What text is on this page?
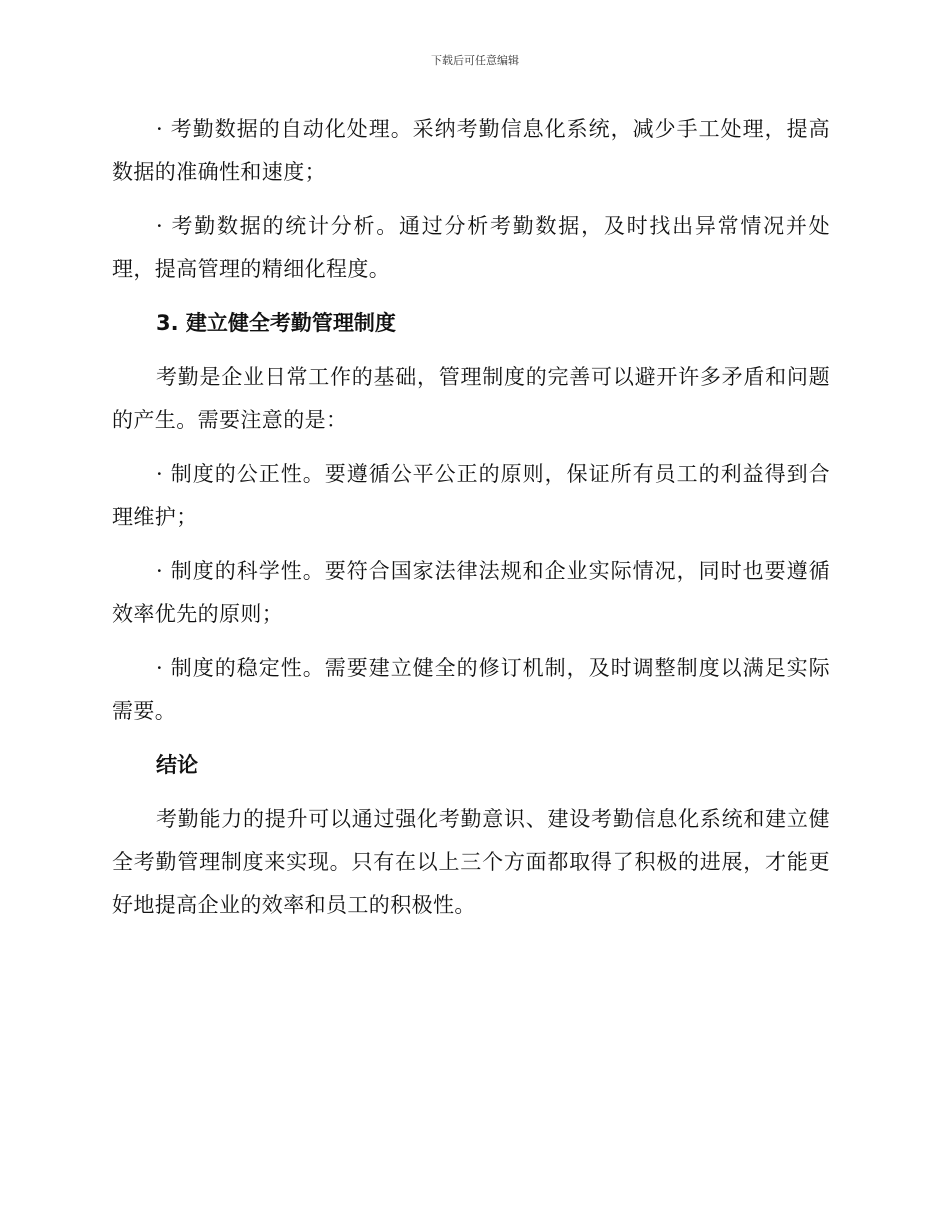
下载后可任意编辑

· 考勤数据的自动化处理。采纳考勤信息化系统，减少手工处理，提高数据的准确性和速度；

· 考勤数据的统计分析。通过分析考勤数据，及时找出异常情况并处理，提高管理的精细化程度。

3. 建立健全考勤管理制度

考勤是企业日常工作的基础，管理制度的完善可以避开许多矛盾和问题的产生。需要注意的是：

· 制度的公正性。要遵循公平公正的原则，保证所有员工的利益得到合理维护；

· 制度的科学性。要符合国家法律法规和企业实际情况，同时也要遵循效率优先的原则；

· 制度的稳定性。需要建立健全的修订机制，及时调整制度以满足实际需要。

结论

考勤能力的提升可以通过强化考勤意识、建设考勤信息化系统和建立健全考勤管理制度来实现。只有在以上三个方面都取得了积极的进展，才能更好地提高企业的效率和员工的积极性。
